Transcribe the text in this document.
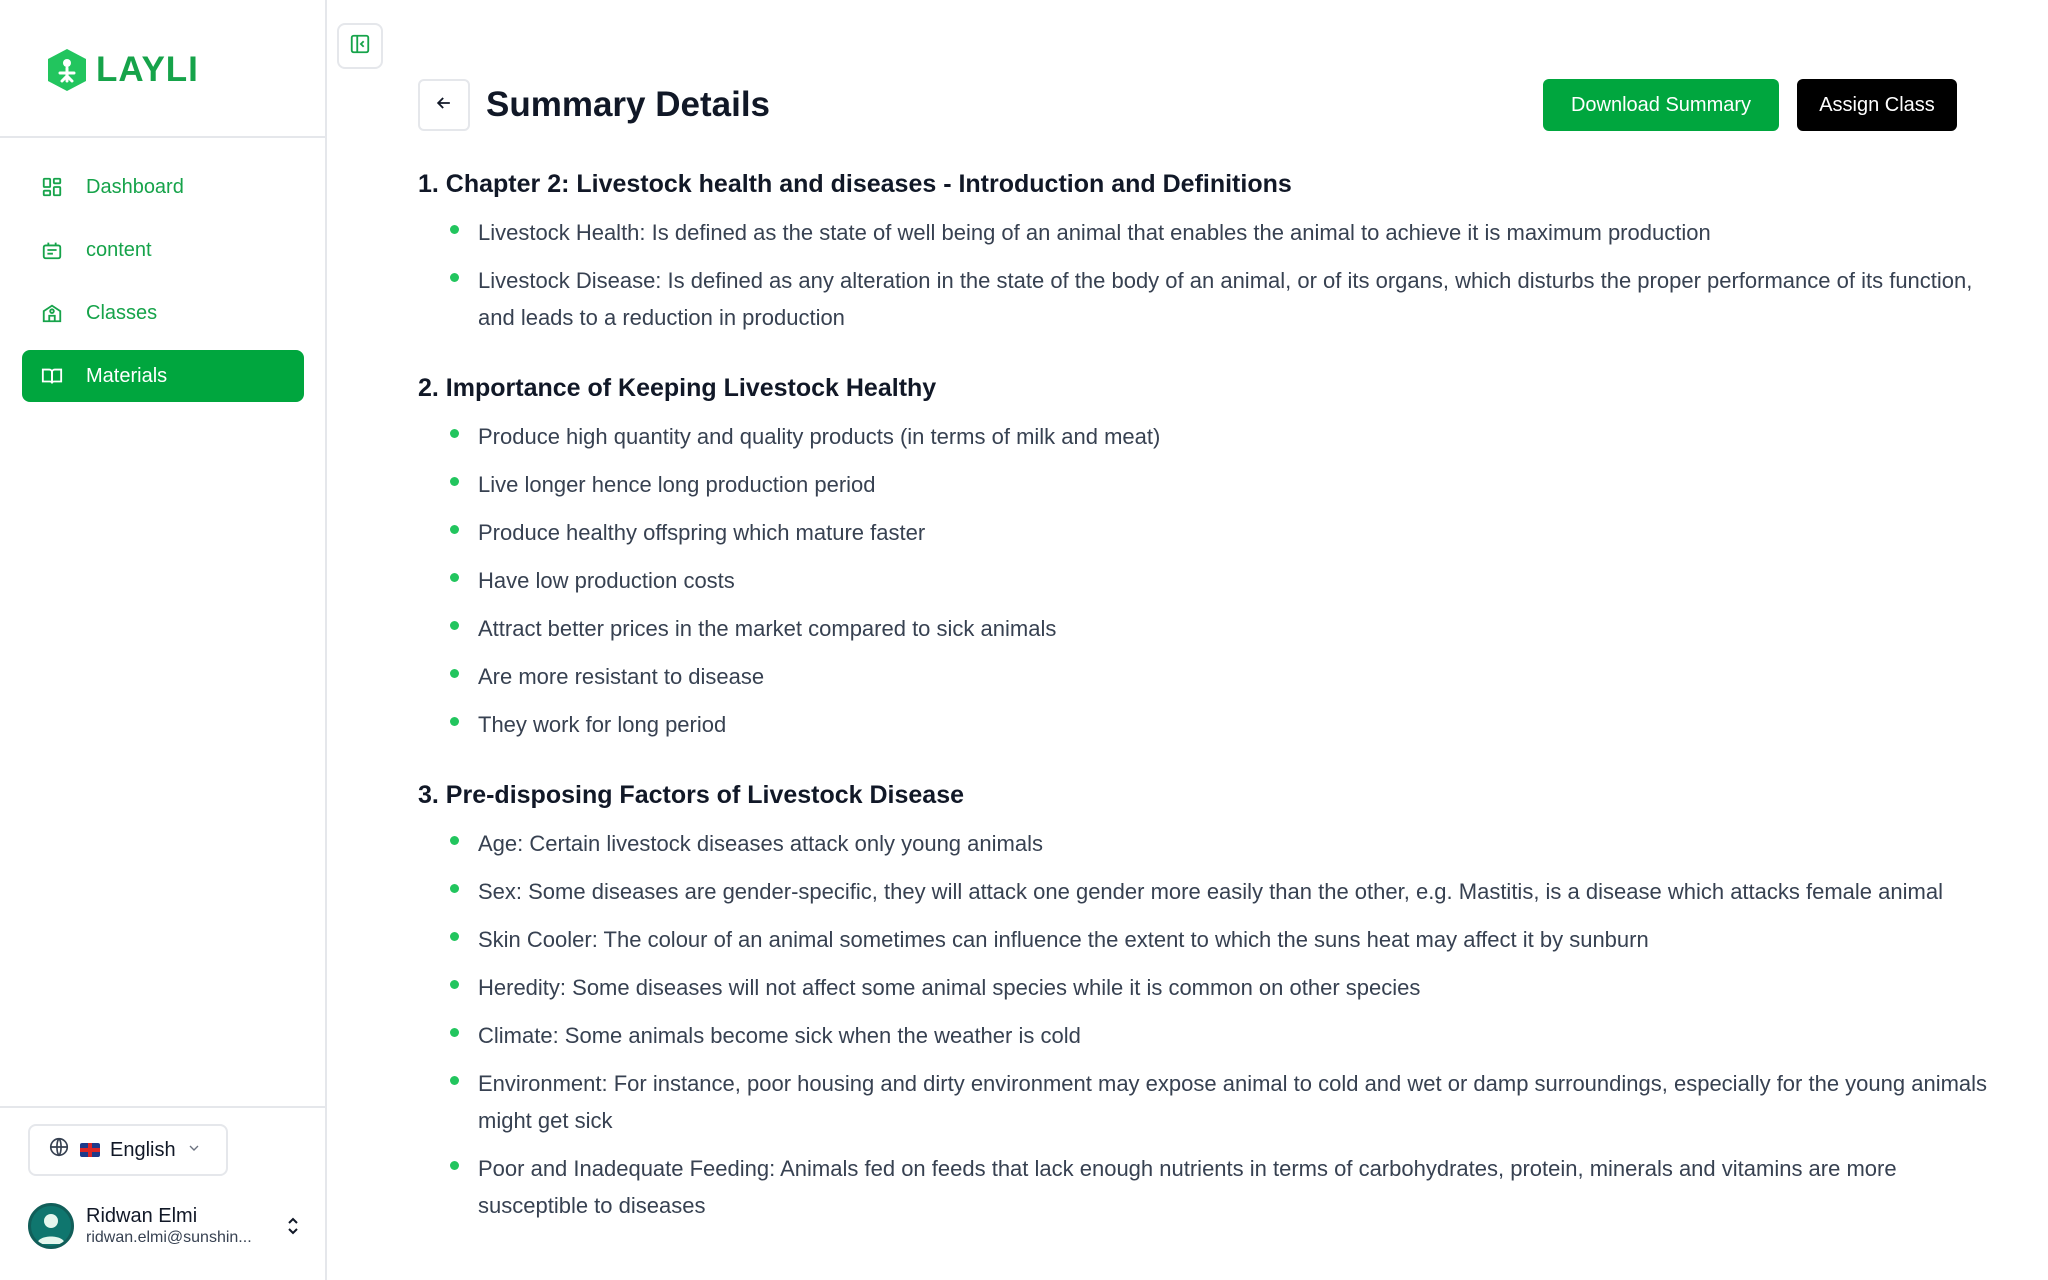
LAYLI
Dashboard
content
Classes
Materials
English
Ridwan Elmi
ridwan.elmi@sunshin...
Summary Details	Download Summary	Assign Class
1. Chapter 2: Livestock health and diseases - Introduction and Definitions
Livestock Health: Is defined as the state of well being of an animal that enables the animal to achieve it is maximum production
Livestock Disease: Is defined as any alteration in the state of the body of an animal, or of its organs, which disturbs the proper performance of its function, and leads to a reduction in production
2. Importance of Keeping Livestock Healthy
Produce high quantity and quality products (in terms of milk and meat)
Live longer hence long production period
Produce healthy offspring which mature faster
Have low production costs
Attract better prices in the market compared to sick animals
Are more resistant to disease
They work for long period
3. Pre-disposing Factors of Livestock Disease
Age: Certain livestock diseases attack only young animals
Sex: Some diseases are gender-specific, they will attack one gender more easily than the other, e.g. Mastitis, is a disease which attacks female animal
Skin Cooler: The colour of an animal sometimes can influence the extent to which the suns heat may affect it by sunburn
Heredity: Some diseases will not affect some animal species while it is common on other species
Climate: Some animals become sick when the weather is cold
Environment: For instance, poor housing and dirty environment may expose animal to cold and wet or damp surroundings, especially for the young animals might get sick
Poor and Inadequate Feeding: Animals fed on feeds that lack enough nutrients in terms of carbohydrates, protein, minerals and vitamins are more susceptible to diseases
